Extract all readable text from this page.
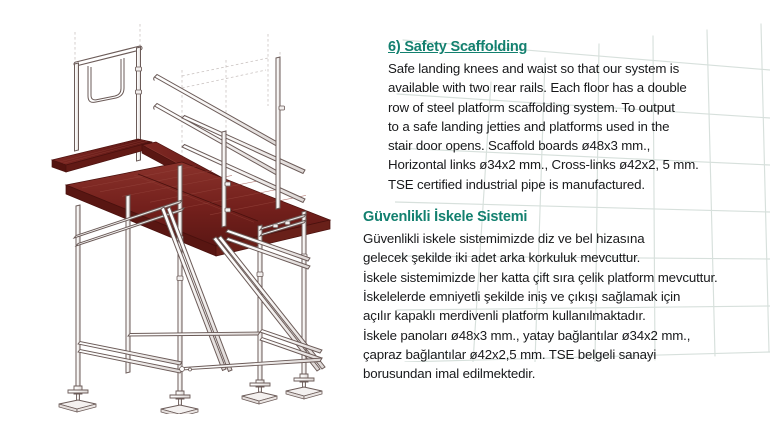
6) Safety Scaffolding
Safe landing knees and waist so that our system is
available with two rear rails. Each floor has a double
row of steel platform scaffolding system. To output
to a safe landing jetties and platforms used in the
stair door opens. Scaffold boards ø48x3 mm.,
Horizontal links ø34x2 mm., Cross-links ø42x2, 5 mm.
TSE certified industrial pipe is manufactured.
Güvenlikli İskele Sistemi
Güvenlikli iskele sistemimizde diz ve bel hizasına
gelecek şekilde iki adet arka korkuluk mevcuttur.
İskele sistemimizde her katta çift sıra çelik platform mevcuttur.
İskelelerde emniyetli şekilde iniş ve çıkışı sağlamak için
açılır kapaklı merdivenli platform kullanılmaktadır.
İskele panoları ø48x3 mm., yatay bağlantılar ø34x2 mm.,
çapraz bağlantılar ø42x2,5 mm. TSE belgeli sanayi
borusundan imal edilmektedir.
